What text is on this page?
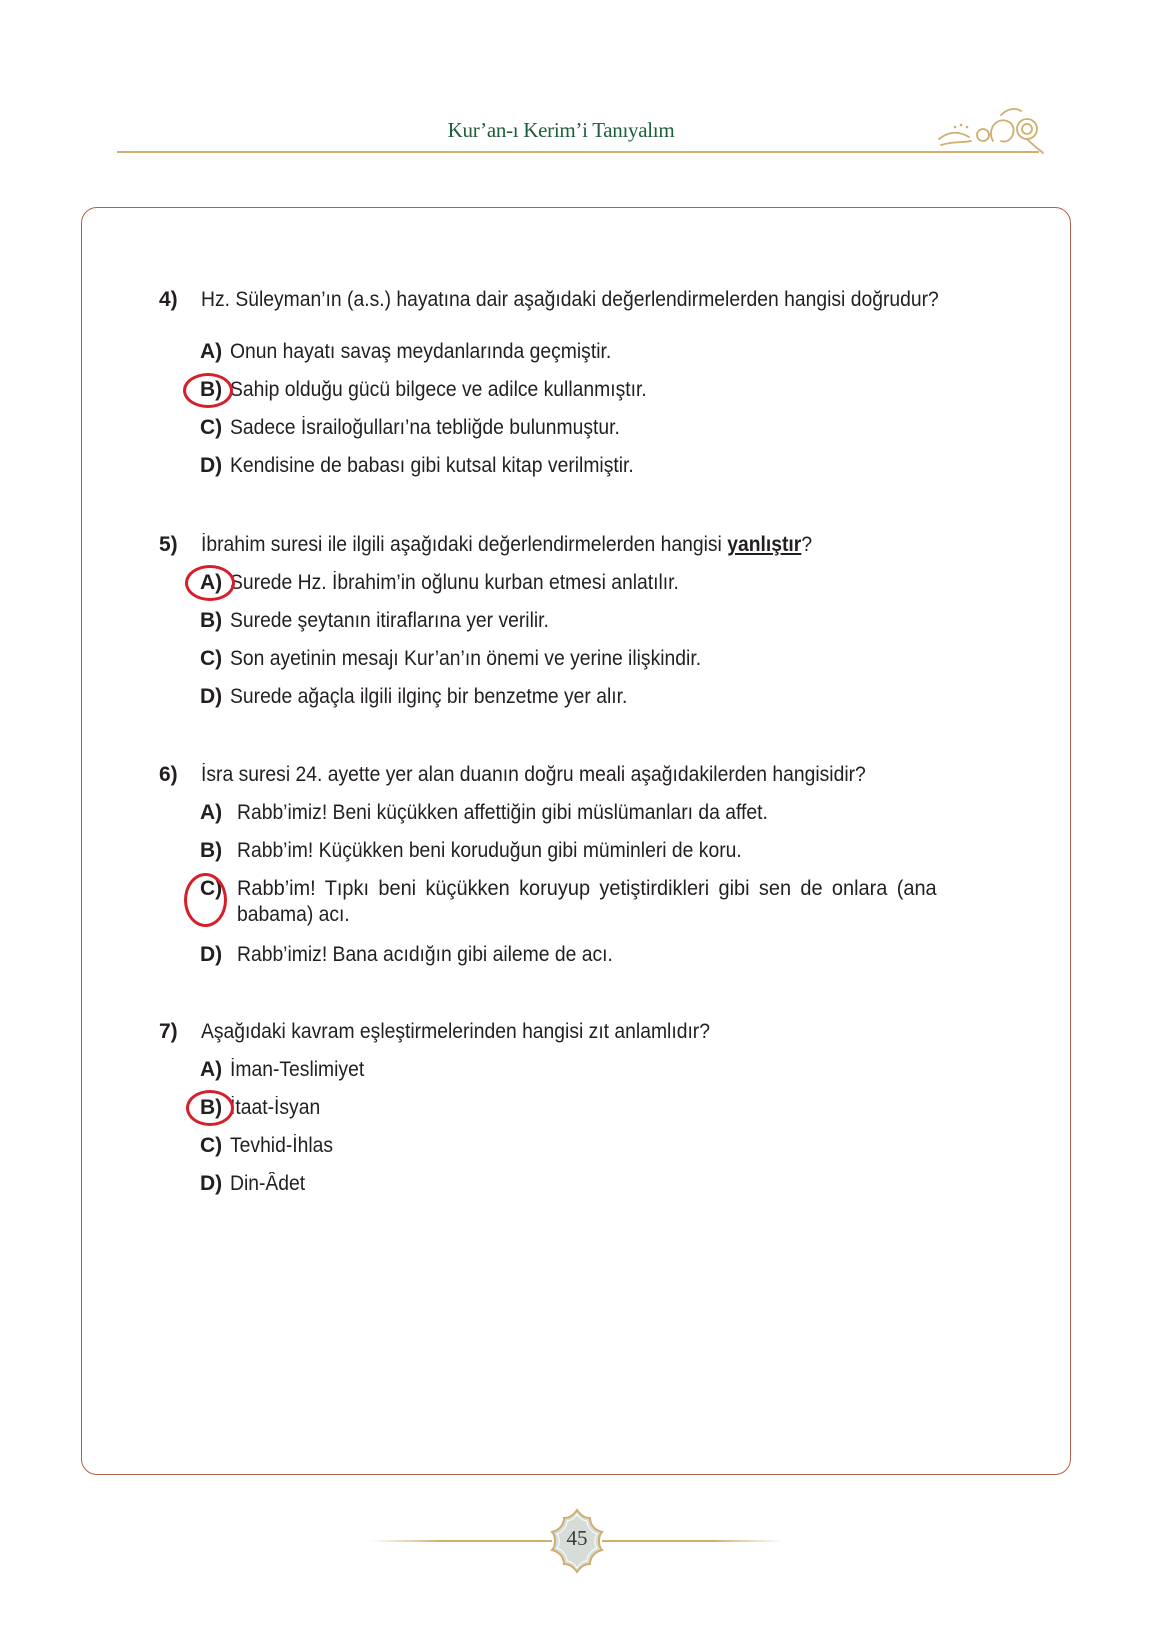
Kur’an-ı Kerim’i Tanıyalım
4) Hz. Süleyman’ın (a.s.) hayatına dair aşağıdaki değerlendirmelerden hangisi doğrudur?
A) Onun hayatı savaş meydanlarında geçmiştir.
B) Sahip olduğu gücü bilgece ve adilce kullanmıştır.
C) Sadece İsrailoğulları’na tebliğde bulunmuştur.
D) Kendisine de babası gibi kutsal kitap verilmiştir.
5) İbrahim suresi ile ilgili aşağıdaki değerlendirmelerden hangisi yanlıştır?
A) Surede Hz. İbrahim’in oğlunu kurban etmesi anlatılır.
B) Surede şeytanın itiraflarına yer verilir.
C) Son ayetinin mesajı Kur’an’ın önemi ve yerine ilişkindir.
D) Surede ağaçla ilgili ilginç bir benzetme yer alır.
6) İsra suresi 24. ayette yer alan duanın doğru meali aşağıdakilerden hangisidir?
A) Rabb’imiz! Beni küçükken affettiğin gibi müslümanları da affet.
B) Rabb’im! Küçükken beni koruduğun gibi müminleri de koru.
C) Rabb’im! Tıpkı beni küçükken koruyup yetiştirdikleri gibi sen de onlara (ana
babama) acı.
D) Rabb’imiz! Bana acıdığın gibi aileme de acı.
7) Aşağıdaki kavram eşleştirmelerinden hangisi zıt anlamlıdır?
A) İman-Teslimiyet
B) İtaat-İsyan
C) Tevhid-İhlas
D) Din-Âdet
45
